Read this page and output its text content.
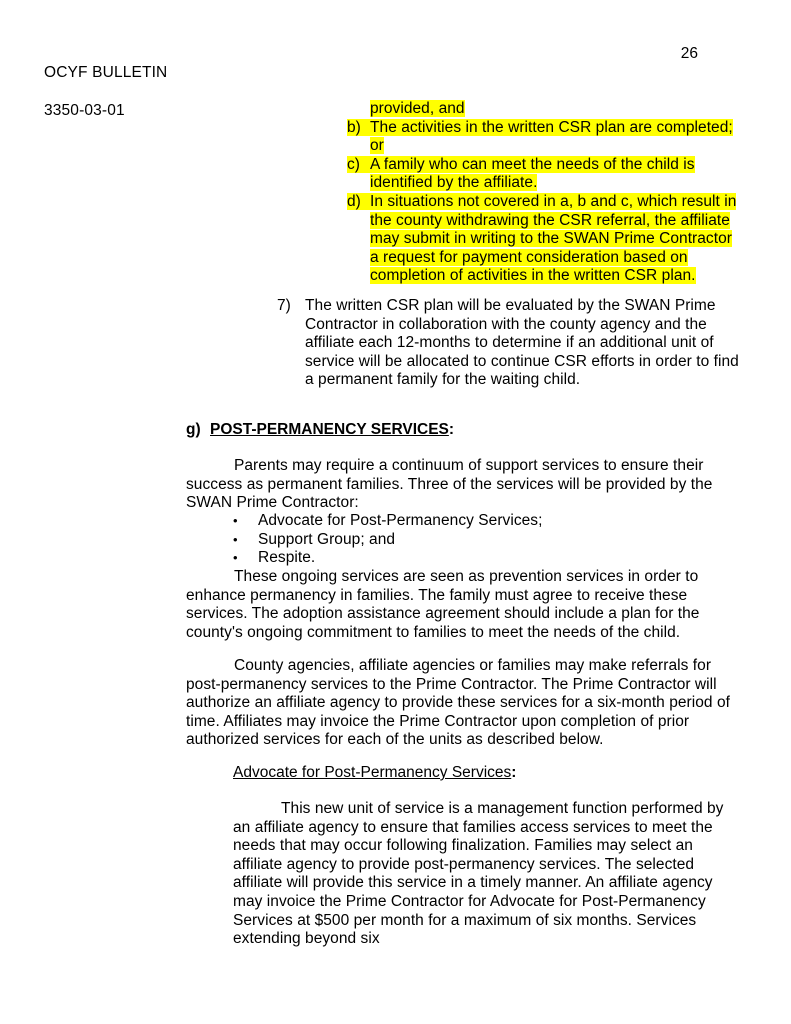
OCYF BULLETIN

3350-03-01

26
provided, and
b) The activities in the written CSR plan are completed;
or
c) A family who can meet the needs of the child is
identified by the affiliate.
d) In situations not covered in a, b and c, which result in
the county withdrawing the CSR referral, the affiliate
may submit in writing to the SWAN Prime Contractor
a request for payment consideration based on
completion of activities in the written CSR plan.
7) The written CSR plan will be evaluated by the SWAN Prime Contractor in collaboration with the county agency and the affiliate each 12-months to determine if an additional unit of service will be allocated to continue CSR efforts in order to find a permanent family for the waiting child.
g) POST-PERMANENCY SERVICES:
Parents may require a continuum of support services to ensure their success as permanent families. Three of the services will be provided by the SWAN Prime Contractor:
•	Advocate for Post-Permanency Services;
•	Support Group; and
•	Respite.
These ongoing services are seen as prevention services in order to enhance permanency in families. The family must agree to receive these services. The adoption assistance agreement should include a plan for the county's ongoing commitment to families to meet the needs of the child.
County agencies, affiliate agencies or families may make referrals for post-permanency services to the Prime Contractor. The Prime Contractor will authorize an affiliate agency to provide these services for a six-month period of time. Affiliates may invoice the Prime Contractor upon completion of prior authorized services for each of the units as described below.
Advocate for Post-Permanency Services:
This new unit of service is a management function performed by an affiliate agency to ensure that families access services to meet the needs that may occur following finalization. Families may select an affiliate agency to provide post-permanency services. The selected affiliate will provide this service in a timely manner. An affiliate agency may invoice the Prime Contractor for Advocate for Post-Permanency Services at $500 per month for a maximum of six months. Services extending beyond six
